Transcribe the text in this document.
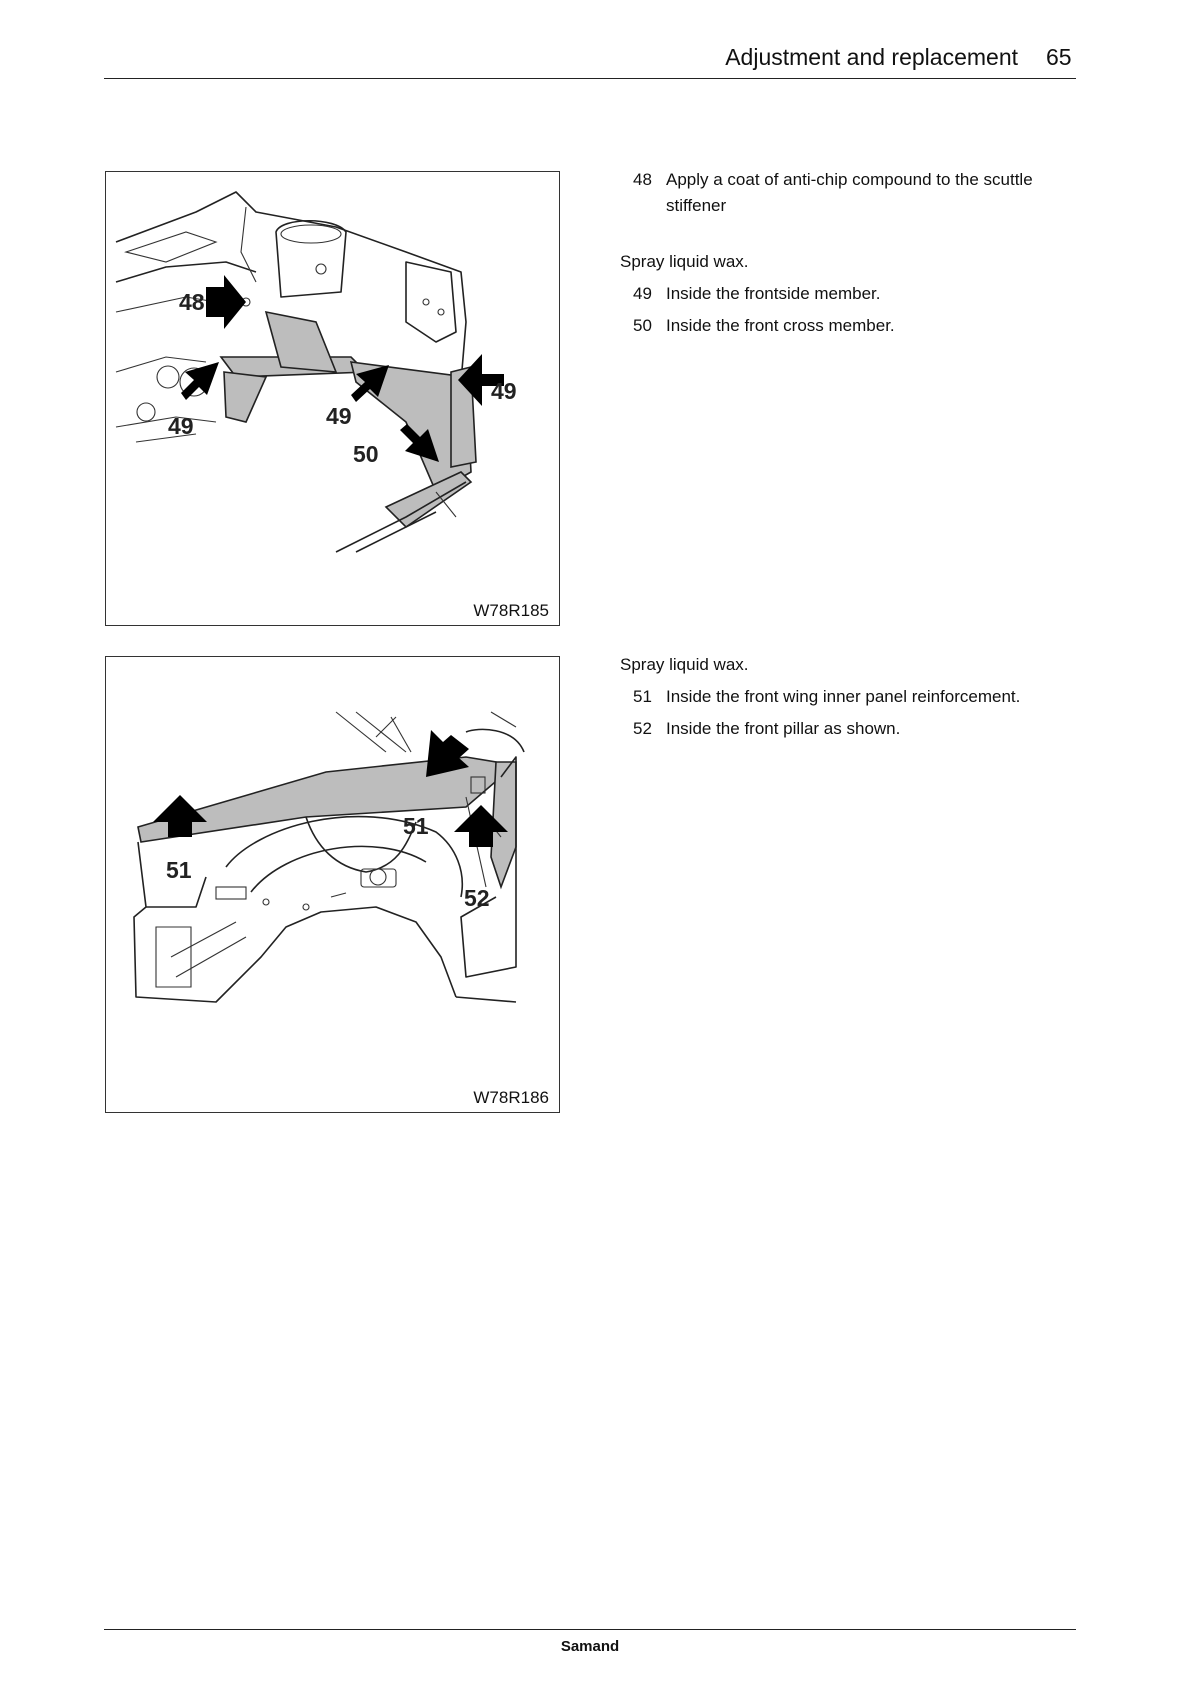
Adjustment and replacement 65
48
49	49
49
50
W78R185
48 Apply a coat of anti-chip compound to the scuttle stiffener

Spray liquid wax.

49 Inside the frontside member.
50 Inside the front cross member.
51
51
52
W78R186

Spray liquid wax.

51 Inside the front wing inner panel reinforcement.
52 Inside the front pillar as shown.
Samand
